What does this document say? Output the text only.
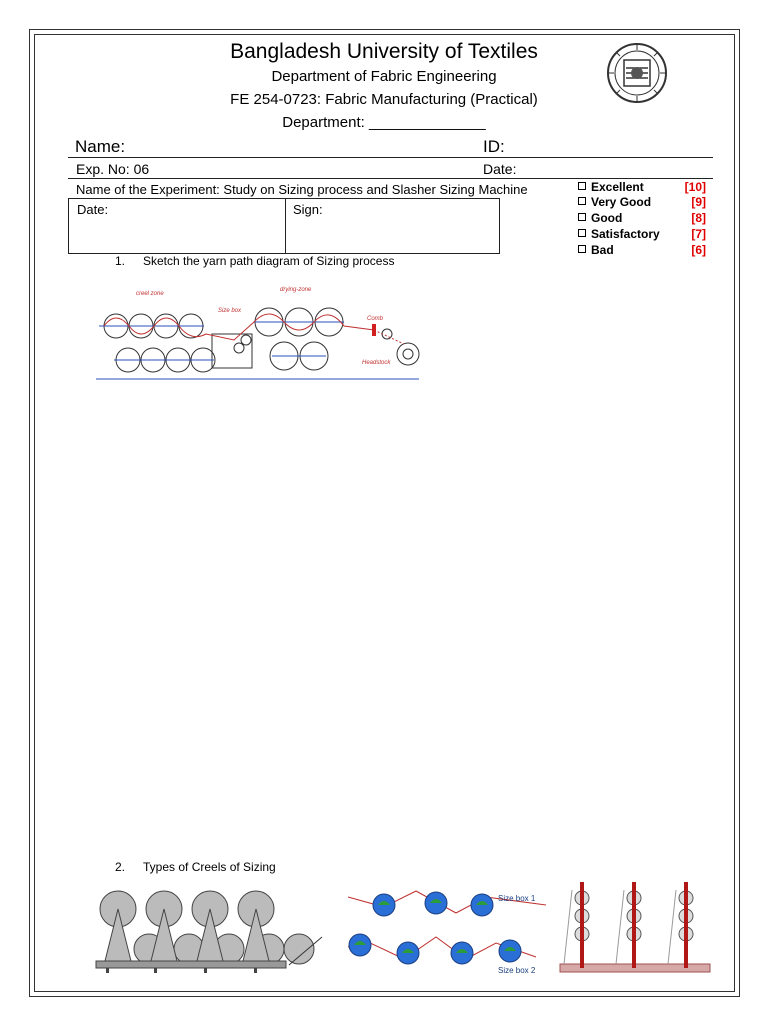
Bangladesh University of Textiles
Department of Fabric Engineering
FE 254-0723: Fabric Manufacturing (Practical)
Department: ______________
Name:	ID:
Exp. No: 06	Date:
Name of the Experiment: Study on Sizing process and Slasher Sizing Machine
Date:	Sign:
Excellent	[10]
Very Good	[9]
Good	[8]
Satisfactory	[7]
Bad	[6]
1. Sketch the yarn path diagram of Sizing process
creel zone
drying-zone
Size box
Comb
Headstock
2. Types of Creels of Sizing
Size box 1
Size box 2
